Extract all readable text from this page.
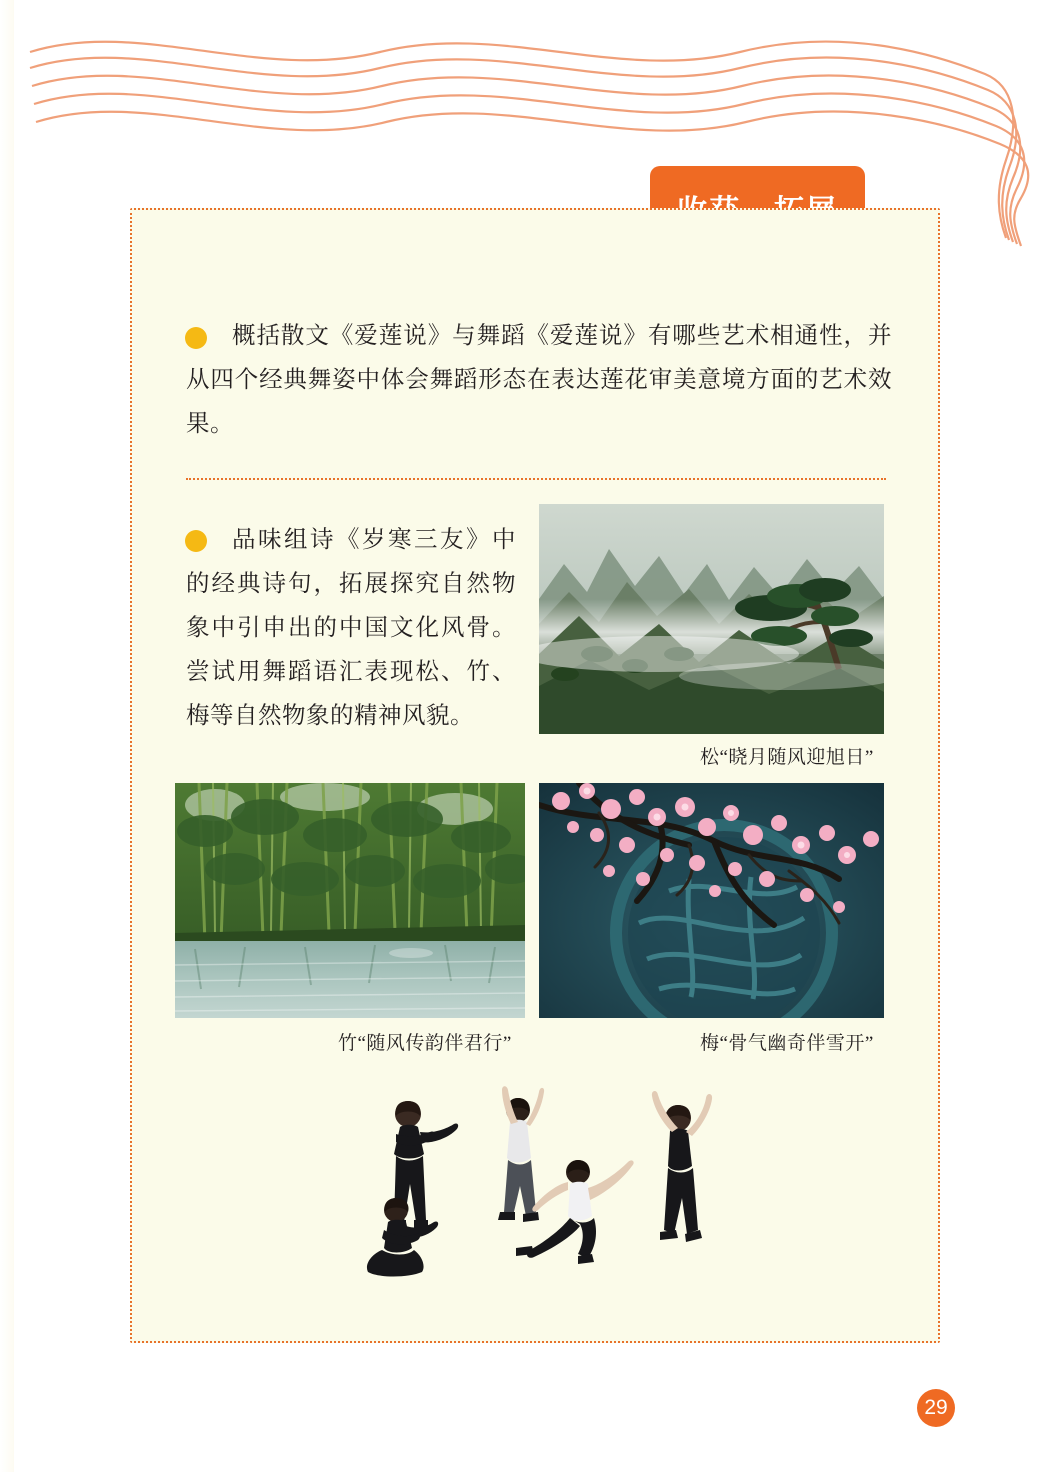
概括散文《爱莲说》与舞蹈《爱莲说》有哪些艺术相通性，并从四个经典舞姿中体会舞蹈形态在表达莲花审美意境方面的艺术效果。
品味组诗《岁寒三友》中的经典诗句，拓展探究自然物象中引申出的中国文化风骨。尝试用舞蹈语汇表现松、竹、梅等自然物象的精神风貌。
松“晓月随风迎旭日”
竹“随风传韵伴君行”	梅“骨气幽奇伴雪开”
29
